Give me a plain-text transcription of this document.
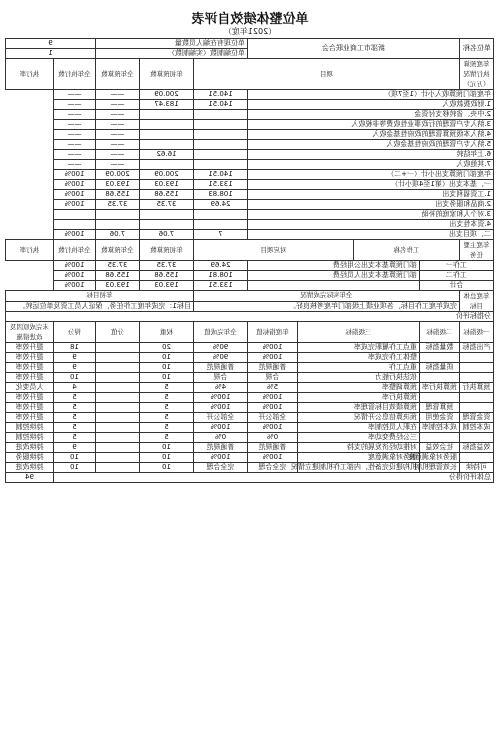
单位整体绩效自评表
（2021年度）
单位名称	新邵市工商业联合会				单位现有在编人员数量			9	
					单位编制数（实编制数）			1	
年度预算执行情况（万元）	项目					年初预算数	全年预算数	全年执行数	执行率
年度部门预算收入小计（1至7项）					140.51	200.09	——	——	
1.财政拨款收入					140.51	183.47	——	——	
2.中央、省转移支付资金							——	——	
3.纳入专户管理的行政事业性收费等非税收入							——	——	
4.纳入本级预算管理的政府性基金收入							——	——	
5.纳入专户管理的政府性基金收入							——	——	
6.上年结转						16.62	——	——	
7.其他收入							——	——	
年度部门预算支出小计（一+二）					140.51	200.09	200.09	100%	
一、基本支出（第1至4项小计）					133.51	193.03	193.03	100%	
1.工资福利支出					108.83	155.68	155.68	100%	
2.商品和服务支出					24.69	37.35	37.35	100%	
3.对个人和家庭的补助									
4.资本性支出									
二、项目支出					7	7.06	7.06	100%	
年度主要任务	工作名称		对应项目			年初预算数	全年预算数	全年执行数	执行率
工作一		部门预算基本支出公用经费			24.69	37.35	37.35	100%	
工作二		部门预算基本支出人员经费			108.81	155.68	155.68	100%	
合计					133.51	193.03	193.03	100%	
年度总体目标	全年实际完成情况					年初目标			
	完成年度工作目标，各项业绩上级部门年度考核良好。					目标1：完成年度工作任务，保证人员工资及单位运转。			
分指标评价									
一级指标	二级指标	三级指标		年度指标值	全年完成值	权重	分值	得分	未完成原因及改进措施
产出指标	数量指标	重点工作履职完成率		100%	90%	20		18	提升效率
		整体工作完成率		100%	90%	10		9	提升效率
	质量指标	重点工作		普通规范	普通规范	10		9	提升效率
		依法执行能力		合规	合规	10		10	提升效率
预算执行	预算执行率	预算调整率		5%	4%	5		4	人员变化
		预算执行率		100%	100%	5		5	提升效率
	预算管理	预算绩效目标管理率		100%	100%	5		5	提升效率
资金管理	资金使用	预决算信息公开情况		全部公开	全部公开	5		5	提升效率
成本控制	成本控制率	在职人员控制率		100%	100%	5		5	持续控制
		三公经费变动率		0%	0%	5		5	持续控制
效益指标	社会效益	对推动经济发展的支持		普通规范	普通规范	10		9	持续改进
	服务对象满意度	服务对象满意度		100%	100%	10		10	持续服务
可持续	长效管理机制	机构建设完备性、内部工作机制建立情况		完全合理	完全合理	10		10	持续改进
总体评价得分									94
